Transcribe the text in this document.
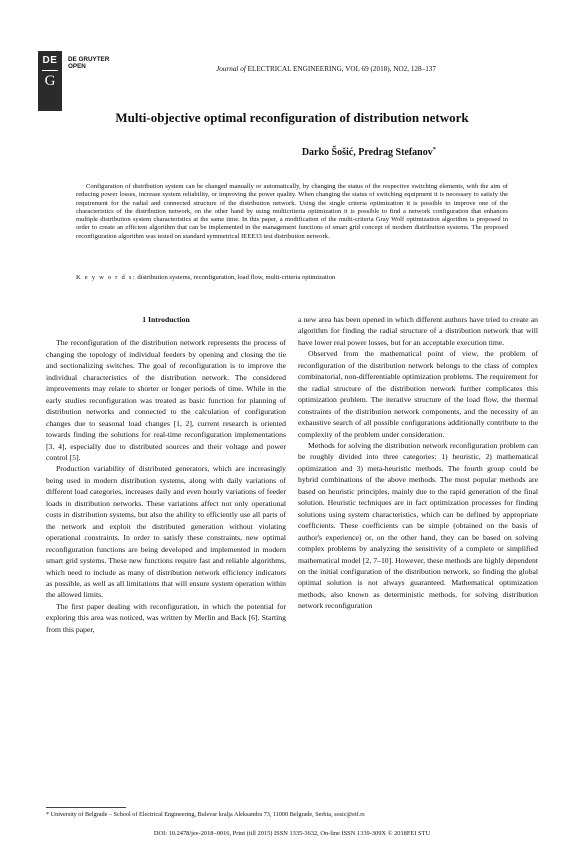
DE
G
DE GRUYTER
OPEN	Journal of ELECTRICAL ENGINEERING, VOL 69 (2018), NO2, 128–137
Multi-objective optimal reconfiguration of distribution network
Darko Šošić, Predrag Stefanov*
Configuration of distribution system can be changed manually or automatically, by changing the status of the respective switching elements, with the aim of reducing power losses, increase system reliability, or improving the power quality. When changing the status of switching equipment it is necessary to satisfy the requirement for the radial and connected structure of the distribution network. Using the single criteria optimization it is possible to improve one of the characteristics of the distribution network, on the other hand by using multicriteria optimization it is possible to find a network configuration that enhances multiple distribution system characteristics at the same time. In this paper, a modification of the multi-criteria Gray Wolf optimization algorithm is proposed in order to create an efficient algorithm that can be implemented in the management functions of smart grid concept of modern distribution systems. The proposed reconfiguration algorithm was tested on standard symmetrical IEEE33 test distribution network.
K e y w o r d s: distribution systems, reconfiguration, load flow, multi-criteria optimization
1 Introduction

The reconfiguration of the distribution network represents the process of changing the topology of individual feeders by opening and closing the tie and sectionalizing switches. The goal of reconfiguration is to improve the individual characteristics of the distribution network. The considered improvements may relate to shorter or longer periods of time. While in the early studies reconfiguration was treated as basic function for planning of distribution networks and connected to the calculation of configuration changes due to seasonal load changes [1, 2], current research is oriented towards finding the solutions for real-time reconfiguration implementations [3, 4], especially due to distributed sources and their voltage and power control [5].

Production variability of distributed generators, which are increasingly being used in modern distribution systems, along with daily variations of different load categories, increases daily and even hourly variations of feeder loads in distribution networks. These variations affect not only operational costs in distribution systems, but also the ability to efficiently use all parts of the network and exploit the distributed generation without violating operational constraints. In order to satisfy these constraints, new optimal reconfiguration functions are being developed and implemented in modern smart grid systems. These new functions require fast and reliable algorithms, which need to include as many of distribution network efficiency indicators as possible, as well as all limitations that will ensure system operation within the allowed limits.

The first paper dealing with reconfiguration, in which the potential for exploring this area was noticed, was written by Merlin and Back [6]. Starting from this paper,

a new area has been opened in which different authors have tried to create an algorithm for finding the radial structure of a distribution network that will have lower real power losses, but for an acceptable execution time.

Observed from the mathematical point of view, the problem of reconfiguration of the distribution network belongs to the class of complex combinatorial, non-differentiable optimization problems. The requirement for the radial structure of the distribution network further complicates this optimization problem. The iterative structure of the load flow, the thermal constraints of the distribution network components, and the necessity of an exhaustive search of all possible configurations additionally contribute to the complexity of the problem under consideration.

Methods for solving the distribution network reconfiguration problem can be roughly divided into three categories: 1) heuristic, 2) mathematical optimization and 3) meta-heuristic methods. The fourth group could be hybrid combinations of the above methods. The most popular methods are based on heuristic principles, mainly due to the rapid generation of the final solution. Heuristic techniques are in fact optimization processes for finding solutions using system characteristics, which can be defined by appropriate coefficients. These coefficients can be simple (obtained on the basis of author's experience) or, on the other hand, they can be based on solving complex problems by analyzing the sensitivity of a complete or simplified mathematical model [2, 7–10]. However, these methods are highly dependent on the initial configuration of the distribution network, so finding the global optimal solution is not always guaranteed. Mathematical optimization methods, also known as deterministic methods, for solving distribution network reconfiguration

* University of Belgrade – School of Electrical Engineering, Bulevar kralja Aleksandra 73, 11000 Belgrade, Serbia, sosic@etf.rs
DOI: 10.2478/jee-2018–0016, Print (till 2015) ISSN 1335-3632, On-line ISSN 1339-309X © 2018FEI STU
